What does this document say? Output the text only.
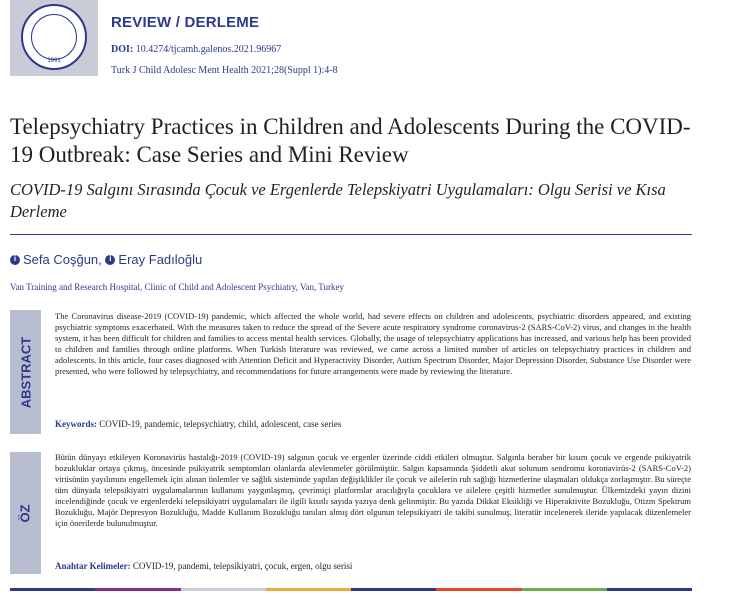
1991
REVIEW / DERLEME
DOI: 10.4274/tjcamh.galenos.2021.96967
Turk J Child Adolesc Ment Health 2021;28(Suppl 1):4-8
Telepsychiatry Practices in Children and Adolescents During the COVID-19 Outbreak: Case Series and Mini Review
COVID-19 Salgını Sırasında Çocuk ve Ergenlerde Telepskiyatri Uygulamaları: Olgu Serisi ve Kısa Derleme
iSefa Coşğun, i Eray Fadıloğlu
Van Training and Research Hospital, Clinic of Child and Adolescent Psychiatry, Van, Turkey
ABSTRACT
The Coronavirus disease-2019 (COVID-19) pandemic, which affected the whole world, had severe effects on children and adolescents, psychiatric disorders appeared, and existing psychiatric symptoms exacerbated. With the measures taken to reduce the spread of the Severe acute respiratory syndrome coronavirus-2 (SARS-CoV-2) virus, and changes in the health system, it has been difficult for children and families to access mental health services. Globally, the usage of telepsychiatry applications has increased, and various help has been provided to children and families through online platforms. When Turkish literature was reviewed, we came across a limited number of articles on telepsychiatry practices in children and adolescents. In this article, four cases diagnosed with Attention Deficit and Hyperactivity Disorder, Autism Spectrum Disorder, Major Depression Disorder, Substance Use Disorder were presented, who were followed by telepsychiatry, and recommendations for future arrangements were made by reviewing the literature.
Keywords: COVID-19, pandemic, telepsychiatry, child, adolescent, case series
ÖZ
Bütün dünyayı etkileyen Koronavirüs hastalığı-2019 (COVID-19) salgının çocuk ve ergenler üzerinde ciddi etkileri olmuştur. Salgınla beraber bir kısım çocuk ve ergende psikiyatrik bozukluklar ortaya çıkmış, öncesinde psikiyatrik semptomları olanlarda alevlenmeler görülmüştür. Salgın kapsamında Şiddetli akut solunum sendromu koronavirüs-2 (SARS-CoV-2) virüsünün yayılımını engellemek için alınan önlemler ve sağlık sisteminde yapılan değişiklikler ile çocuk ve ailelerin ruh sağlığı hizmetlerine ulaşmaları oldukça zorlaşmıştır. Bu süreçte tüm dünyada telepsikiyatri uygulamalarının kullanımı yaygınlaşmış, çevrimiçi platformlar aracılığıyla çocuklara ve ailelere çeşitli hizmetler sunulmuştur. Ülkemizdeki yayın dizini incelendiğinde çocuk ve ergenlerdeki telepsikiyatri uygulamaları ile ilgili kısıtlı sayıda yazıya denk gelinmiştir. Bu yazıda Dikkat Eksikliği ve Hiperaktivite Bozukluğu, Otizm Spektrum Bozukluğu, Majör Depresyon Bozukluğu, Madde Kullanım Bozukluğu tanıları almış dört olgunun telepsikiyatri ile takibi sunulmuş, literatür incelenerek ileride yapılacak düzenlemeler için önerilerde bulunulmuştur.
Anahtar Kelimeler: COVID-19, pandemi, telepsikiyatri, çocuk, ergen, olgu serisi
